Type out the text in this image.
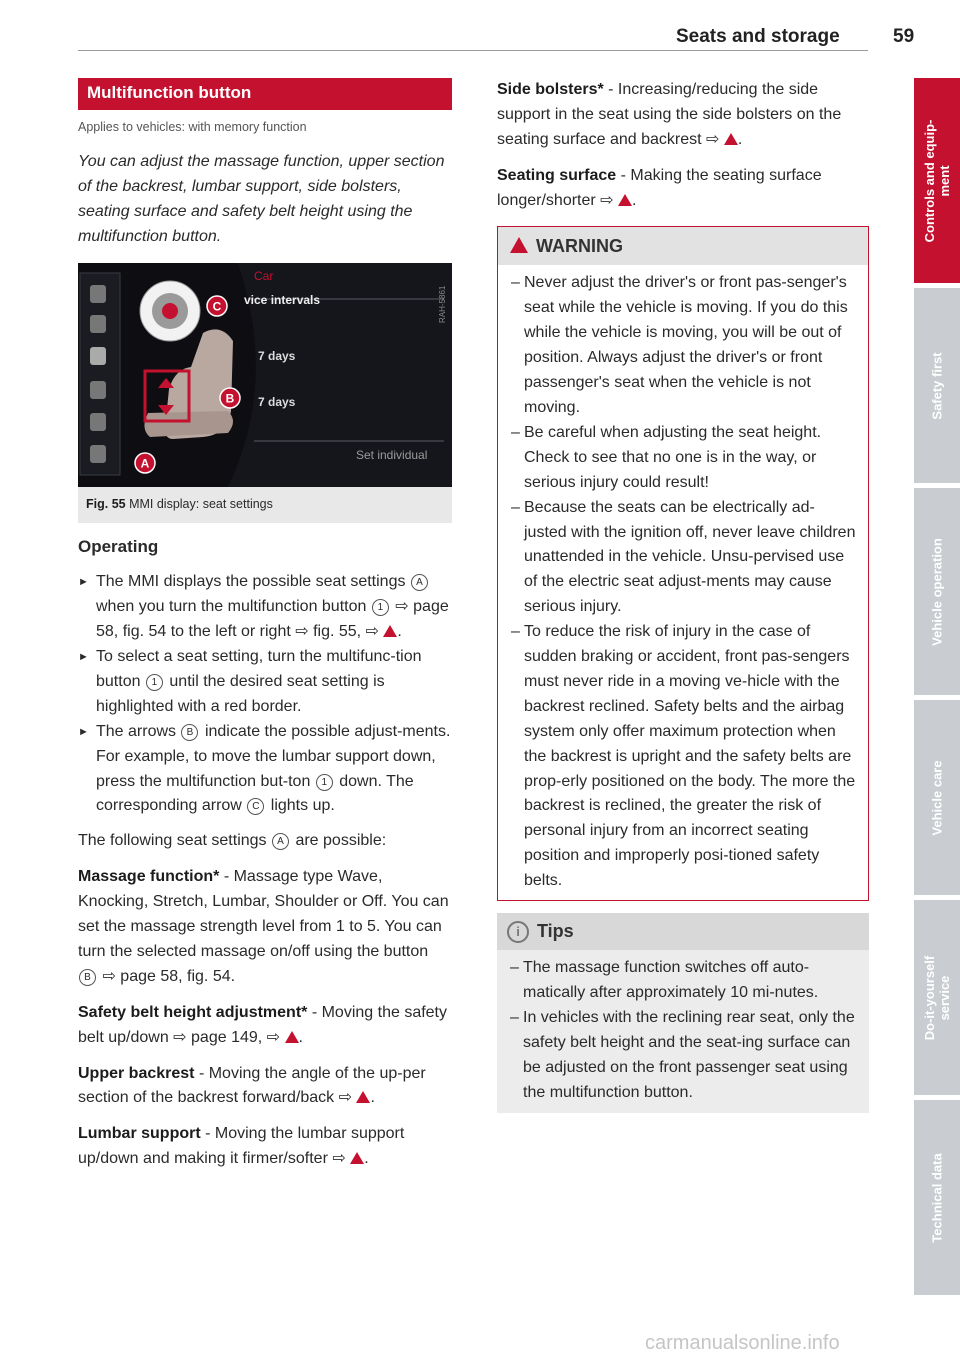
Seats and storage	59
Multifunction button
Applies to vehicles: with memory function

You can adjust the massage function, upper section of the backrest, lumbar support, side bolsters, seating surface and safety belt height using the multifunction button.

Car
vice intervals
7 days
7 days
Set individual
RAH-5861
C
B
A
Fig. 55 MMI display: seat settings
Operating
► The MMI displays the possible seat settings A when you turn the multifunction button 1 ⇨ page 58, fig. 54 to the left or right ⇨ fig. 55, ⇨ .
► To select a seat setting, turn the multifunc-tion button 1 until the desired seat setting is highlighted with a red border.
► The arrows B indicate the possible adjust-ments. For example, to move the lumbar support down, press the multifunction but-ton 1 down. The corresponding arrow C lights up.

The following seat settings A are possible:

Massage function* - Massage type Wave, Knocking, Stretch, Lumbar, Shoulder or Off. You can set the massage strength level from 1 to 5. You can turn the selected massage on/off using the button B ⇨ page 58, fig. 54.

Safety belt height adjustment* - Moving the safety belt up/down ⇨ page 149, ⇨ .

Upper backrest - Moving the angle of the up-per section of the backrest forward/back ⇨ .

Lumbar support - Moving the lumbar support up/down and making it firmer/softer ⇨ .

Side bolsters* - Increasing/reducing the side support in the seat using the side bolsters on the seating surface and backrest ⇨ .

Seating surface - Making the seating surface longer/shorter ⇨ .

WARNING
– Never adjust the driver's or front pas-senger's seat while the vehicle is moving. If you do this while the vehicle is moving, you will be out of position. Always adjust the driver's or front passenger's seat when the vehicle is not moving.
– Be careful when adjusting the seat height. Check to see that no one is in the way, or serious injury could result!
– Because the seats can be electrically ad-justed with the ignition off, never leave children unattended in the vehicle. Unsu-pervised use of the electric seat adjust-ments may cause serious injury.
– To reduce the risk of injury in the case of sudden braking or accident, front pas-sengers must never ride in a moving ve-hicle with the backrest reclined. Safety belts and the airbag system only offer maximum protection when the backrest is upright and the safety belts are prop-erly positioned on the body. The more the backrest is reclined, the greater the risk of personal injury from an incorrect seating position and improperly posi-tioned safety belts.
i Tips
– The massage function switches off auto-matically after approximately 10 mi-nutes.
– In vehicles with the reclining rear seat, only the safety belt height and the seat-ing surface can be adjusted on the front passenger seat using the multifunction button.
Controls and equip-
ment
Safety first
Vehicle operation
Vehicle care
Do-it-yourself
service
Technical data
carmanualsonline.info
